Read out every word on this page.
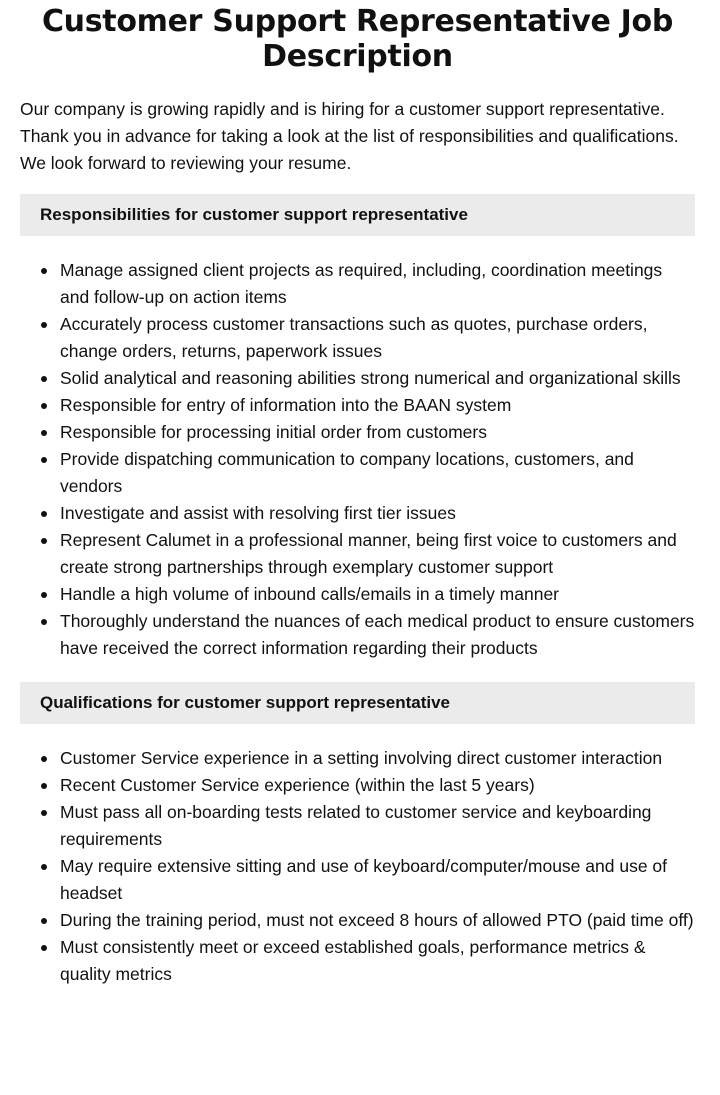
Customer Support Representative Job Description

Our company is growing rapidly and is hiring for a customer support representative. Thank you in advance for taking a look at the list of responsibilities and qualifications. We look forward to reviewing your resume.

Responsibilities for customer support representative
Manage assigned client projects as required, including, coordination meetings and follow-up on action items
Accurately process customer transactions such as quotes, purchase orders, change orders, returns, paperwork issues
Solid analytical and reasoning abilities strong numerical and organizational skills
Responsible for entry of information into the BAAN system
Responsible for processing initial order from customers
Provide dispatching communication to company locations, customers, and vendors
Investigate and assist with resolving first tier issues
Represent Calumet in a professional manner, being first voice to customers and create strong partnerships through exemplary customer support
Handle a high volume of inbound calls/emails in a timely manner
Thoroughly understand the nuances of each medical product to ensure customers have received the correct information regarding their products
Qualifications for customer support representative
Customer Service experience in a setting involving direct customer interaction
Recent Customer Service experience (within the last 5 years)
Must pass all on-boarding tests related to customer service and keyboarding requirements
May require extensive sitting and use of keyboard/computer/mouse and use of headset
During the training period, must not exceed 8 hours of allowed PTO (paid time off)
Must consistently meet or exceed established goals, performance metrics & quality metrics
